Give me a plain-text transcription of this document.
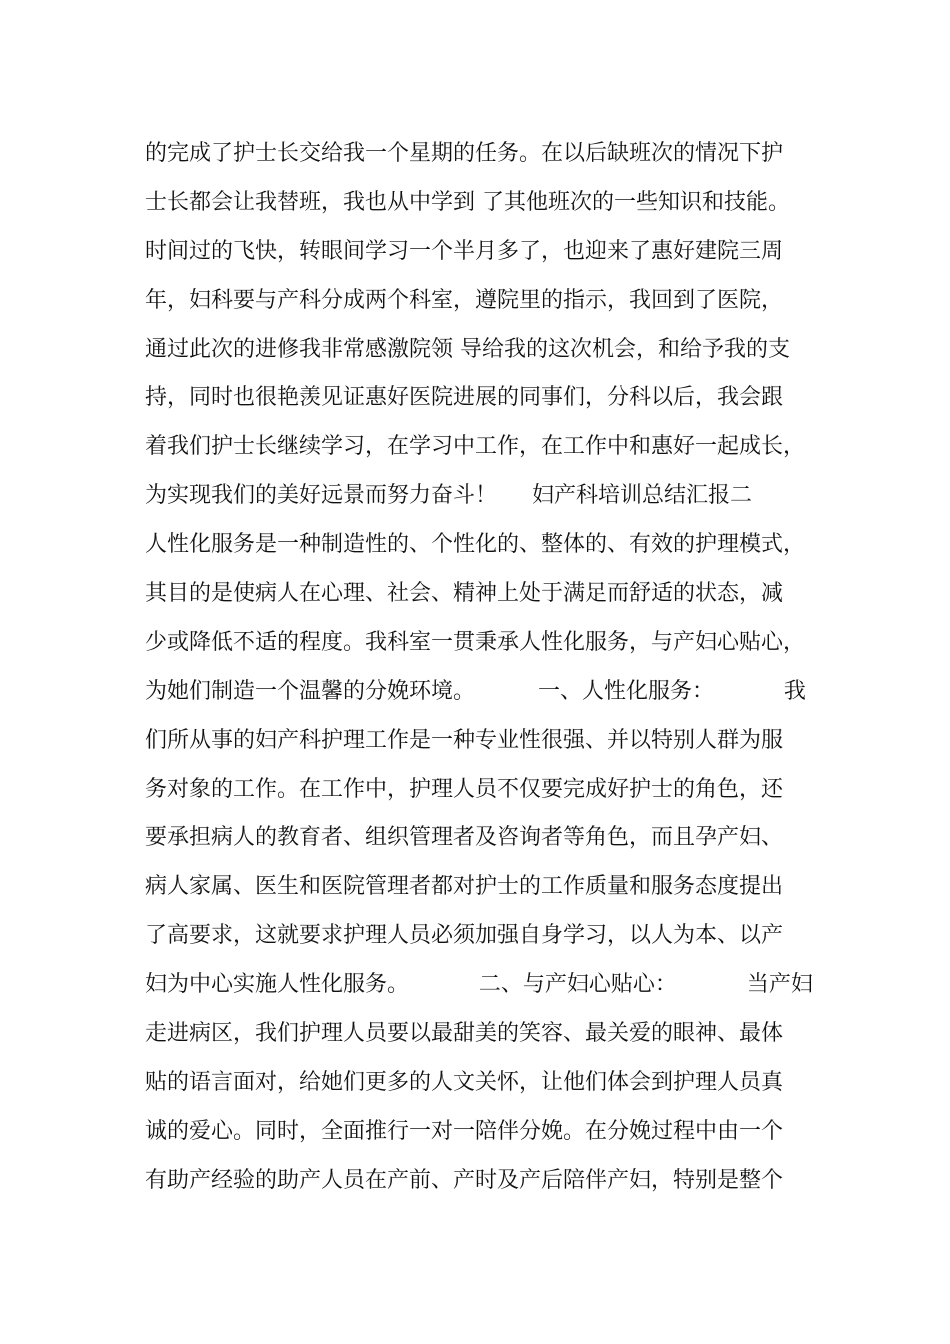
的完成了护士长交给我一个星期的任务。在以后缺班次的情况下护
士长都会让我替班，我也从中学到 了其他班次的一些知识和技能。
时间过的飞快，转眼间学习一个半月多了，也迎来了惠好建院三周
年，妇科要与产科分成两个科室，遵院里的指示，我回到了医院，
通过此次的进修我非常感激院领 导给我的这次机会，和给予我的支
持，同时也很艳羡见证惠好医院进展的同事们，分科以后，我会跟
着我们护士长继续学习，在学习中工作，在工作中和惠好一起成长，
为实现我们的美好远景而努力奋斗！     妇产科培训总结汇报二
人性化服务是一种制造性的、个性化的、整体的、有效的护理模式，
其目的是使病人在心理、社会、精神上处于满足而舒适的状态，减
少或降低不适的程度。我科室一贯秉承人性化服务，与产妇心贴心，
为她们制造一个温馨的分娩环境。         一、人性化服务：          我
们所从事的妇产科护理工作是一种专业性很强、并以特别人群为服
务对象的工作。在工作中，护理人员不仅要完成好护士的角色，还
要承担病人的教育者、组织管理者及咨询者等角色，而且孕产妇、
病人家属、医生和医院管理者都对护士的工作质量和服务态度提出
了高要求，这就要求护理人员必须加强自身学习，以人为本、以产
妇为中心实施人性化服务。          二、与产妇心贴心：          当产妇
走进病区，我们护理人员要以最甜美的笑容、最关爱的眼神、最体
贴的语言面对，给她们更多的人文关怀，让他们体会到护理人员真
诚的爱心。同时，全面推行一对一陪伴分娩。在分娩过程中由一个
有助产经验的助产人员在产前、产时及产后陪伴产妇，特别是整个
